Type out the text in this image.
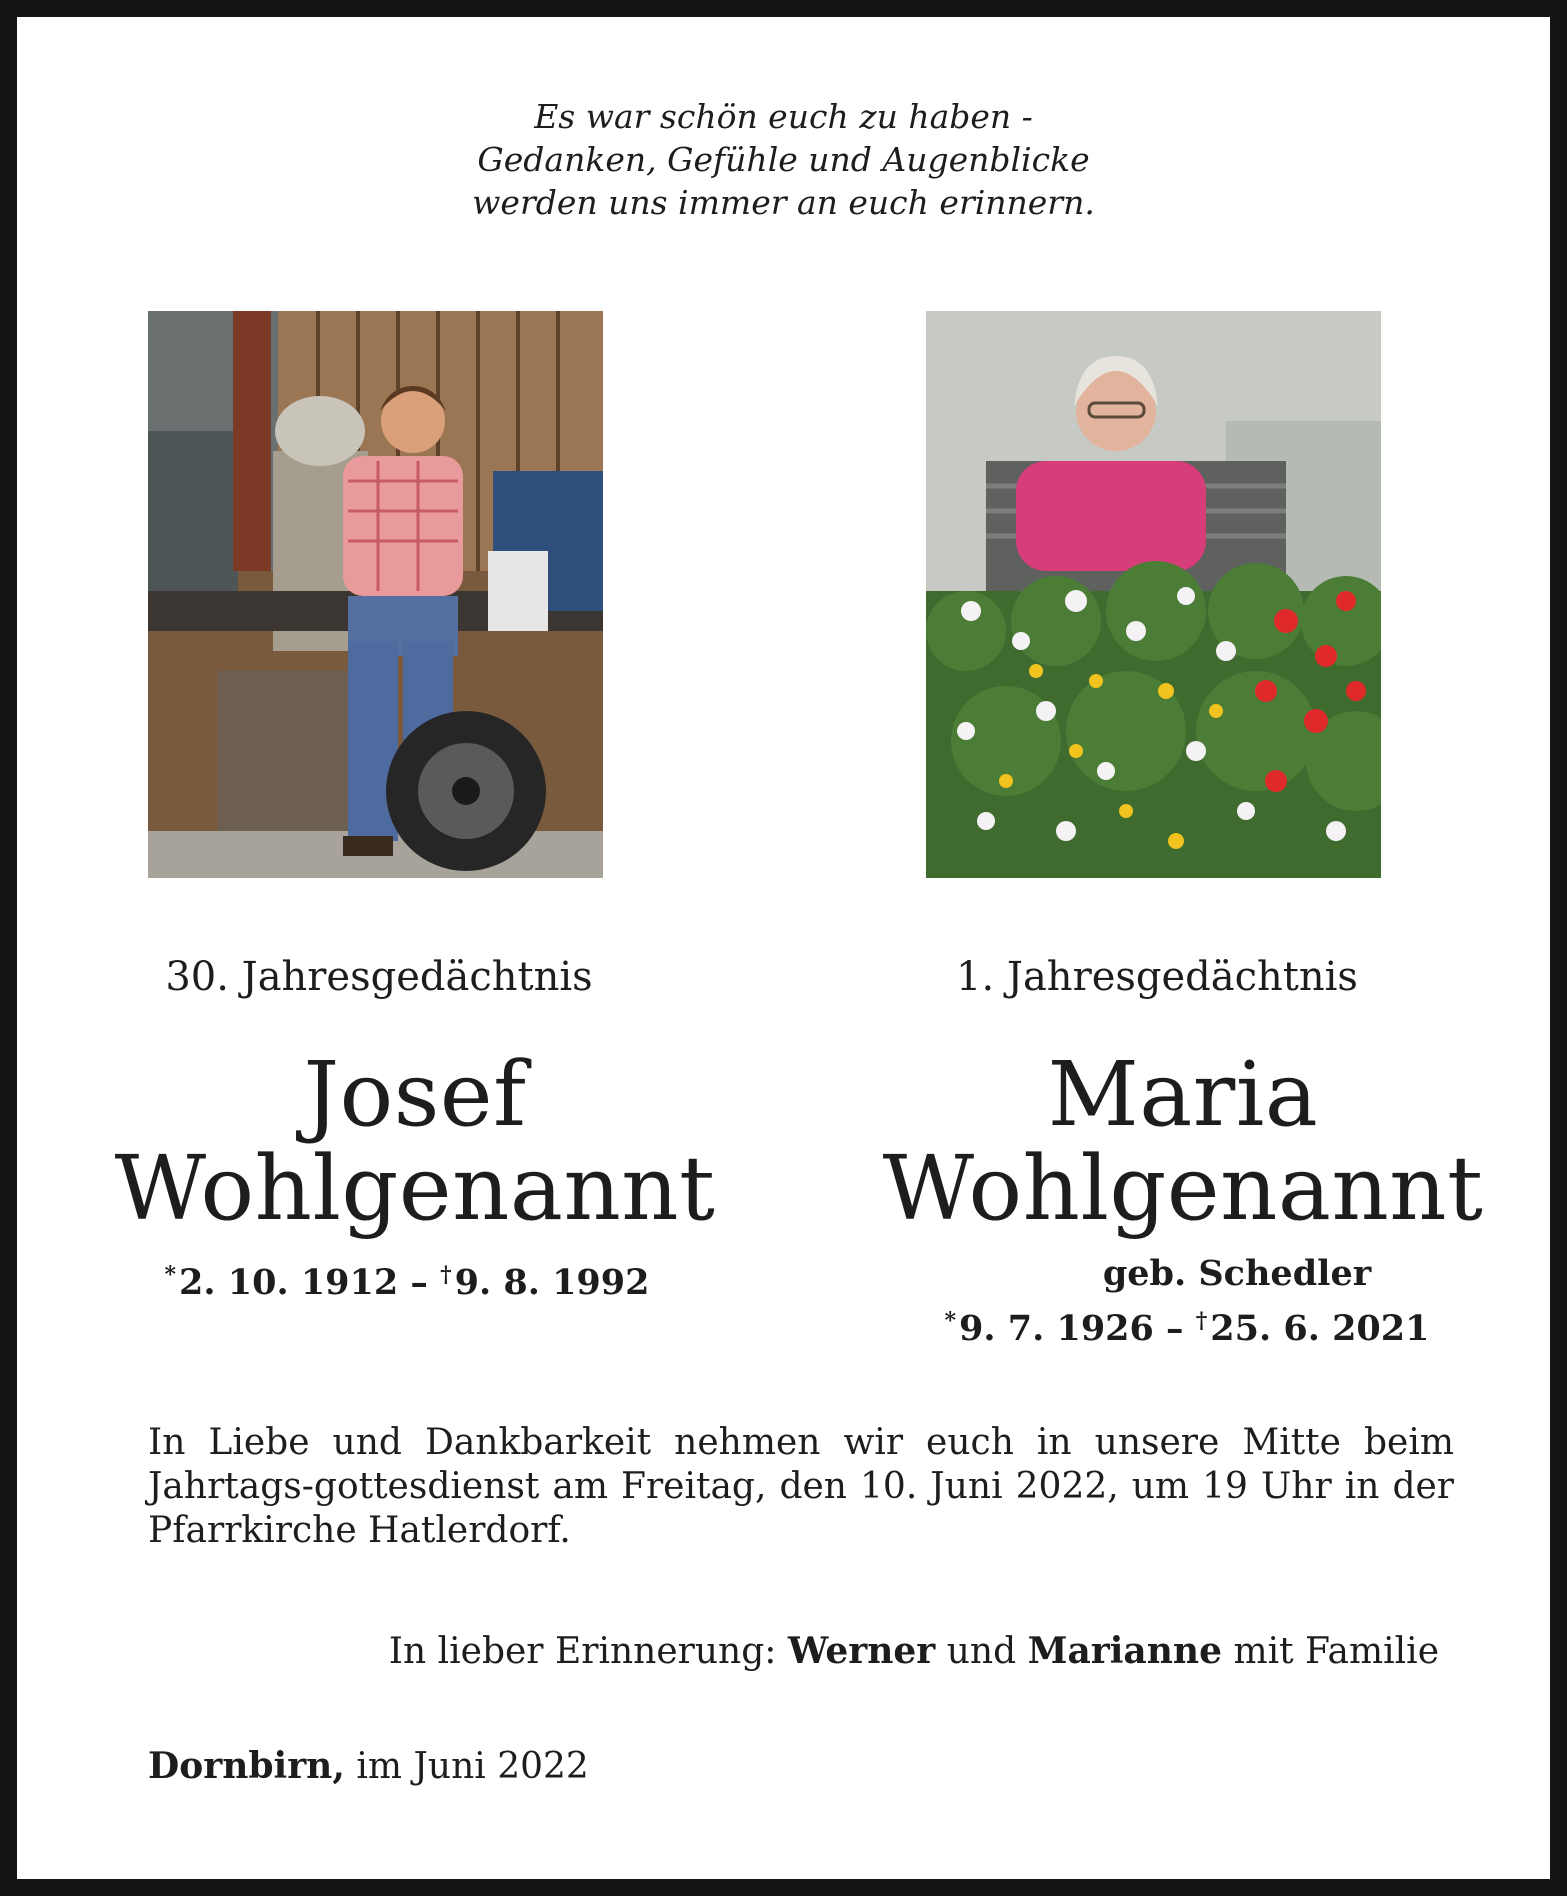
Es war schön euch zu haben -
Gedanken, Gefühle und Augenblicke
werden uns immer an euch erinnern.
30. Jahresgedächtnis	1. Jahresgedächtnis
Josef
Wohlgenannt
Maria
Wohlgenannt
*2. 10. 1912 – †9. 8. 1992	geb. Schedler
*9. 7. 1926 – †25. 6. 2021
In Liebe und Dankbarkeit nehmen wir euch in unsere Mitte beim Jahrtags-gottesdienst am Freitag, den 10. Juni 2022, um 19 Uhr in der Pfarrkirche Hatlerdorf.
In lieber Erinnerung: Werner und Marianne mit Familie
Dornbirn, im Juni 2022
